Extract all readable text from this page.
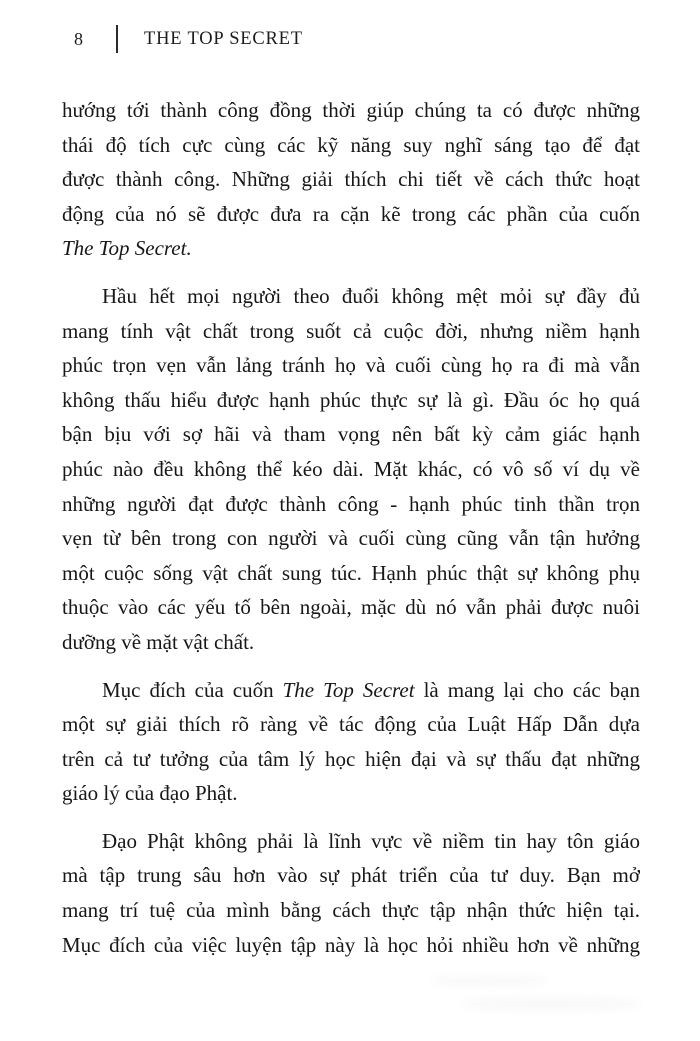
8	THE TOP SECRET
hướng tới thành công đồng thời giúp chúng ta có được những
thái độ tích cực cùng các kỹ năng suy nghĩ sáng tạo để đạt
được thành công. Những giải thích chi tiết về cách thức hoạt
động của nó sẽ được đưa ra cặn kẽ trong các phần của cuốn
The Top Secret.
Hầu hết mọi người theo đuổi không mệt mỏi sự đầy đủ
mang tính vật chất trong suốt cả cuộc đời, nhưng niềm hạnh
phúc trọn vẹn vẫn lảng tránh họ và cuối cùng họ ra đi mà vẫn
không thấu hiểu được hạnh phúc thực sự là gì. Đầu óc họ quá
bận bịu với sợ hãi và tham vọng nên bất kỳ cảm giác hạnh
phúc nào đều không thể kéo dài. Mặt khác, có vô số ví dụ về
những người đạt được thành công - hạnh phúc tinh thần trọn
vẹn từ bên trong con người và cuối cùng cũng vẫn tận hưởng
một cuộc sống vật chất sung túc. Hạnh phúc thật sự không phụ
thuộc vào các yếu tố bên ngoài, mặc dù nó vẫn phải được nuôi
dưỡng về mặt vật chất.
Mục đích của cuốn The Top Secret là mang lại cho các bạn
một sự giải thích rõ ràng về tác động của Luật Hấp Dẫn dựa
trên cả tư tưởng của tâm lý học hiện đại và sự thấu đạt những
giáo lý của đạo Phật.
Đạo Phật không phải là lĩnh vực về niềm tin hay tôn giáo
mà tập trung sâu hơn vào sự phát triển của tư duy. Bạn mở
mang trí tuệ của mình bằng cách thực tập nhận thức hiện tại.
Mục đích của việc luyện tập này là học hỏi nhiều hơn về những
